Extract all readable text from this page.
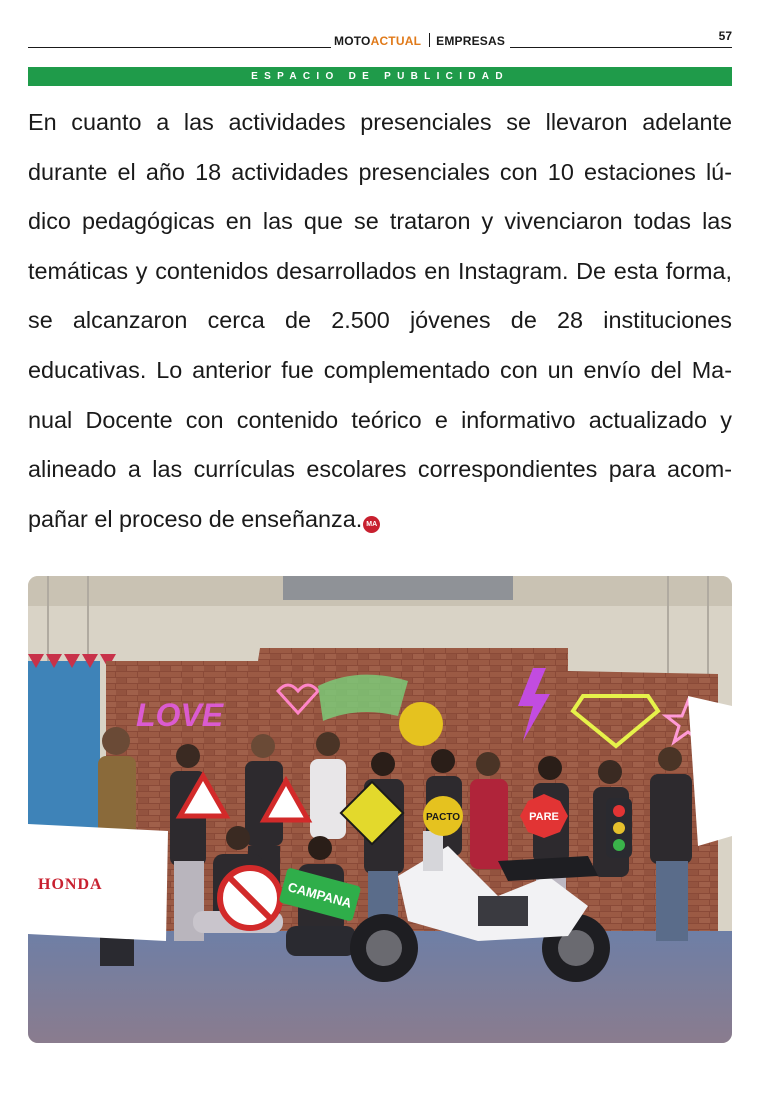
MOTOACTUAL EMPRESAS	57
ESPACIO DE PUBLICIDAD
En cuanto a las actividades presenciales se llevaron adelante durante el año 18 actividades presenciales con 10 estaciones lúdico pedagógicas en las que se trataron y vivenciaron todas las temáticas y contenidos desarrollados en Instagram. De esta forma, se alcanzaron cerca de 2.500 jóvenes de 28 instituciones educativas. Lo anterior fue complementado con un envío del Manual Docente con contenido teórico e informativo actualizado y alineado a las currículas escolares correspondientes para acompañar el proceso de enseñanza. MA
LOVE
PARE
PACTO
CAMPANA
HONDA
